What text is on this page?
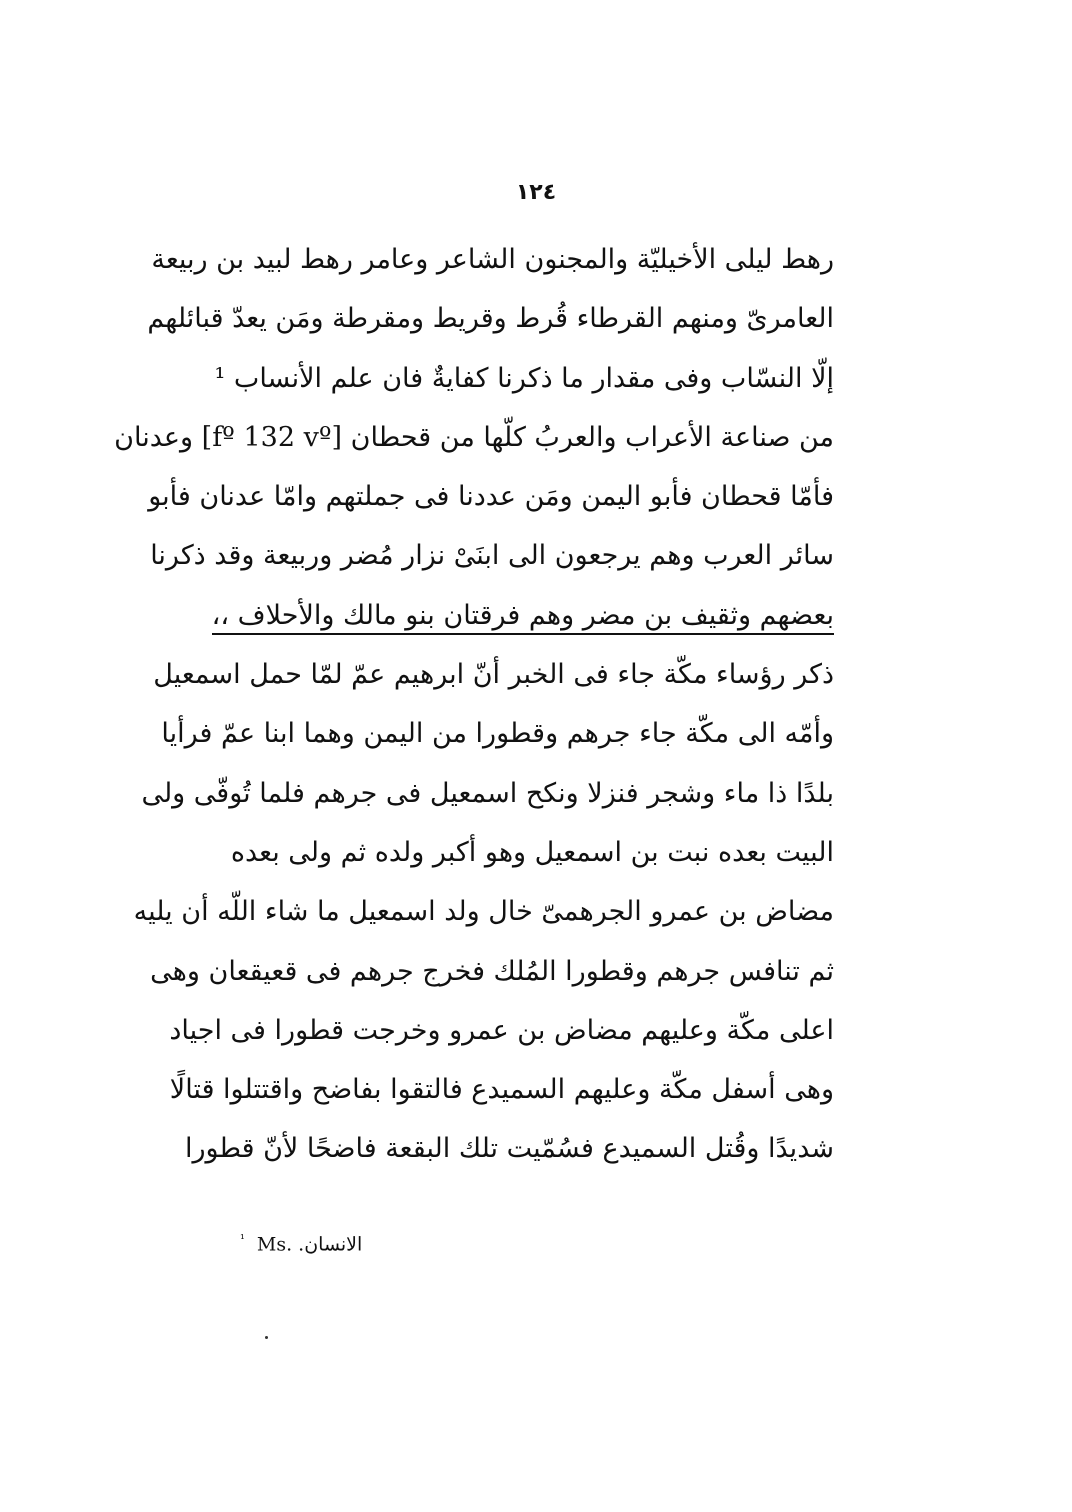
١٢٤
رهط ليلى الأخيليّة والمجنون الشاعر وعامر رهط لبيد بن ربيعة
العامرىّ ومنهم القرطاء قُرط وقريط ومقرطة ومَن يعدّ قبائلهم
إلّا النسّاب وفى مقدار ما ذكرنا كفايةٌ فان علم الأنساب ¹
من صناعة الأعراب والعربُ كلّها من قحطان [fº 132 vº] وعدنان
فأمّا قحطان فأبو اليمن ومَن عددنا فى جملتهم وامّا عدنان فأبو
سائر العرب وهم يرجعون الى ابنَىْ نزار مُضر وربيعة وقد ذكرنا
بعضهم وثقيف بن مضر وهم فرقتان بنو مالك والأحلاف ،،
ذكر رؤساء مكّة جاء فى الخبر أنّ ابرهيم عمّ لمّا حمل اسمعيل
وأمّه الى مكّة جاء جرهم وقطورا من اليمن وهما ابنا عمّ فرأيا
بلدًا ذا ماء وشجر فنزلا ونكح اسمعيل فى جرهم فلما تُوفّى ولى
البيت بعده نبت بن اسمعيل وهو أكبر ولده ثم ولى بعده
مضاض بن عمرو الجرهمىّ خال ولد اسمعيل ما شاء اللّه أن يليه
ثم تنافس جرهم وقطورا المُلك فخرج جرهم فى قعيقعان وهى
اعلى مكّة وعليهم مضاض بن عمرو وخرجت قطورا فى اجياد
وهى أسفل مكّة وعليهم السميدع فالتقوا بفاضح واقتتلوا قتالًا
شديدًا وقُتل السميدع فسُمّيت تلك البقعة فاضحًا لأنّ قطورا
$^{^1}$ Ms. الانسان.
